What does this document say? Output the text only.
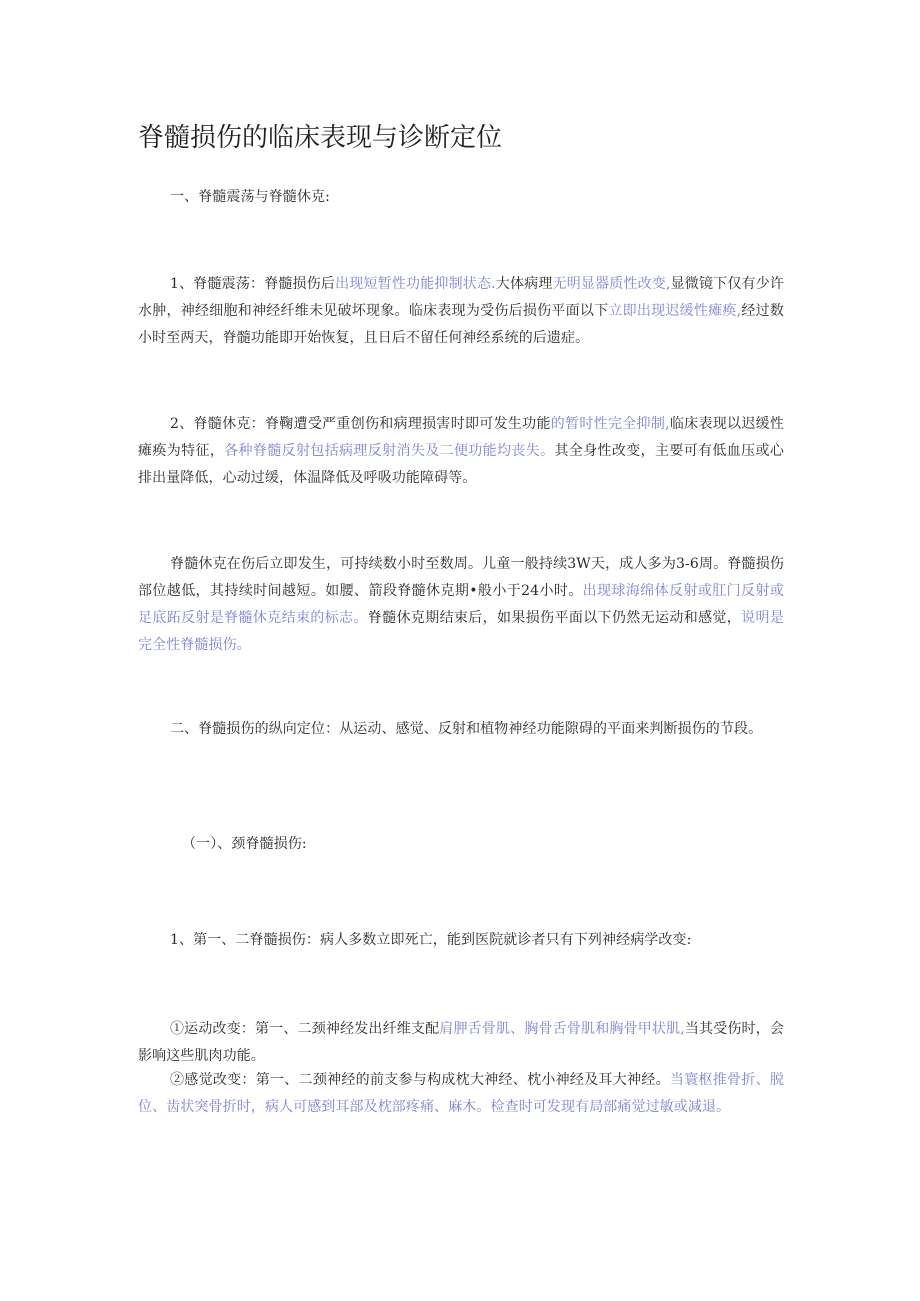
脊髓损伤的临床表现与诊断定位

一、脊髓震荡与脊髓休克:

1、脊髓震荡：脊髓损伤后出现短暂性功能抑制状态.大体病理无明显器质性改变,显微镜下仅有少许水肿，神经细胞和神经纤维未见破坏现象。临床表现为受伤后损伤平面以下立即出现迟缓性瘫痪,经过数小时至两天，脊髓功能即开始恢复，且日后不留任何神经系统的后遗症。

2、脊髓休克：脊鞠遭受严重创伤和病理损害时即可发生功能的暂时性完全抑制,临床表现以迟缓性瘫痪为特征，各种脊髓反射包括病理反射消失及二便功能均丧失。其全身性改变，主要可有低血压或心排出量降低，心动过缓，体温降低及呼吸功能障碍等。

脊髓休克在伤后立即发生，可持续数小时至数周。儿童一般持续3W天，成人多为3-6周。脊髓损伤部位越低，其持续时间越短。如腰、箭段脊髓休克期•般小于24小时。出现球海绵体反射或肛门反射或足底跖反射是脊髓休克结束的标志。脊髓休克期结束后，如果损伤平面以下仍然无运动和感觉，说明是完全性脊髓损伤。

二、脊髓损伤的纵向定位：从运动、感觉、反射和植物神经功能隙碍的平面来判断损伤的节段。

（一）、颈脊髓损伤:

1、第一、二脊髓损伤：病人多数立即死亡，能到医院就诊者只有下列神经病学改变:

①运动改变：第一、二颈神经发出纤维支配肩胛舌骨肌、胸骨舌骨肌和胸骨甲状肌,当其受伤时，会影响这些肌肉功能。

②感觉改变：第一、二颈神经的前支参与构成枕大神经、枕小神经及耳大神经。当寰枢推骨折、脱位、齿状突骨折时，病人可感到耳部及枕部疼痛、麻木。检查时可发现有局部痛觉过敏或减退。
